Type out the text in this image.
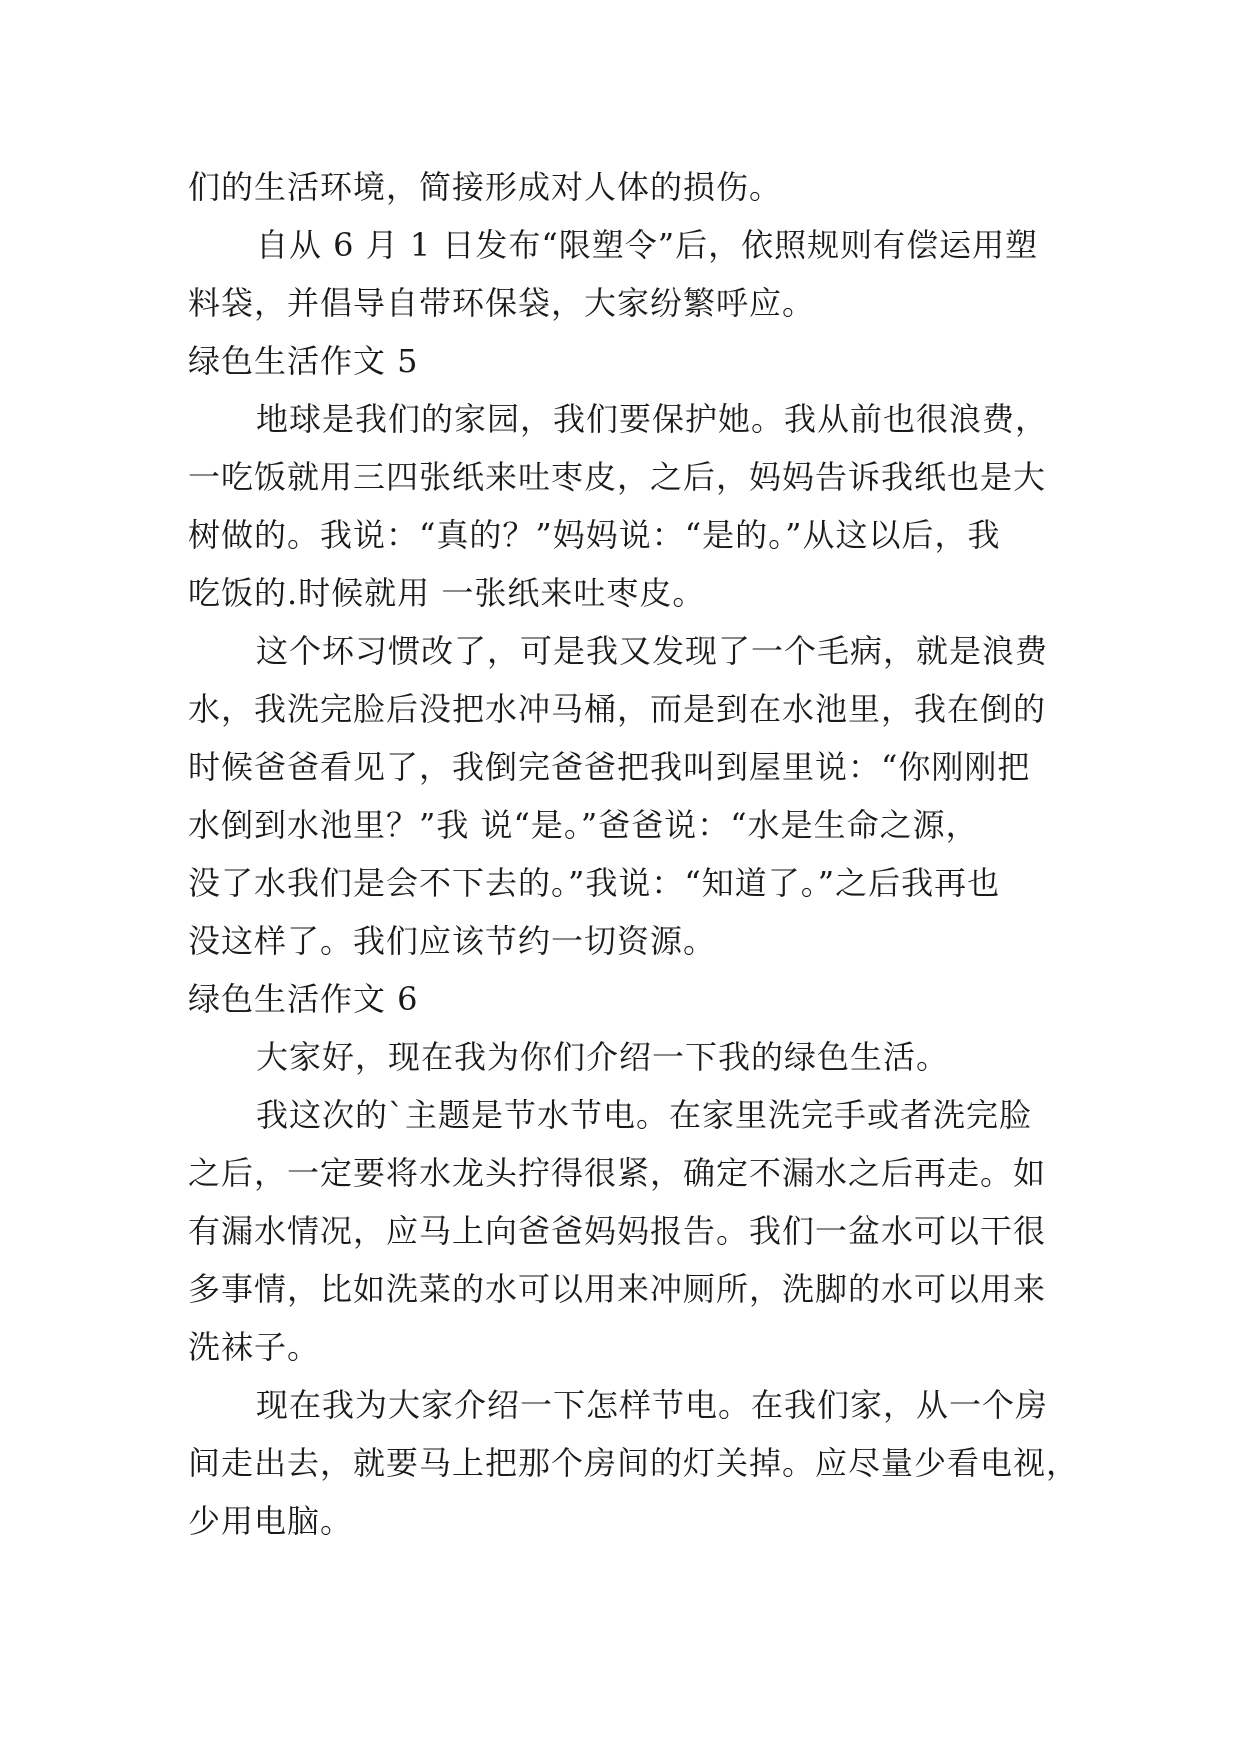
们的生活环境，简接形成对人体的损伤。
自从 6 月 1 日发布“限塑令”后，依照规则有偿运用塑
料袋，并倡导自带环保袋，大家纷繁呼应。
绿色生活作文 5
地球是我们的家园，我们要保护她。我从前也很浪费，
一吃饭就用三四张纸来吐枣皮，之后，妈妈告诉我纸也是大
树做的。我说：“真的？”妈妈说：“是的。”从这以后，我
吃饭的.时候就用 一张纸来吐枣皮。
这个坏习惯改了，可是我又发现了一个毛病，就是浪费
水，我洗完脸后没把水冲马桶，而是到在水池里，我在倒的
时候爸爸看见了，我倒完爸爸把我叫到屋里说：“你刚刚把
水倒到水池里？”我 说“是。”爸爸说：“水是生命之源，
没了水我们是会不下去的。”我说：“知道了。”之后我再也
没这样了。我们应该节约一切资源。
绿色生活作文 6
大家好，现在我为你们介绍一下我的绿色生活。
我这次的`主题是节水节电。在家里洗完手或者洗完脸
之后，一定要将水龙头拧得很紧，确定不漏水之后再走。如
有漏水情况，应马上向爸爸妈妈报告。我们一盆水可以干很
多事情，比如洗菜的水可以用来冲厕所，洗脚的水可以用来
洗袜子。
现在我为大家介绍一下怎样节电。在我们家，从一个房
间走出去，就要马上把那个房间的灯关掉。应尽量少看电视，
少用电脑。
